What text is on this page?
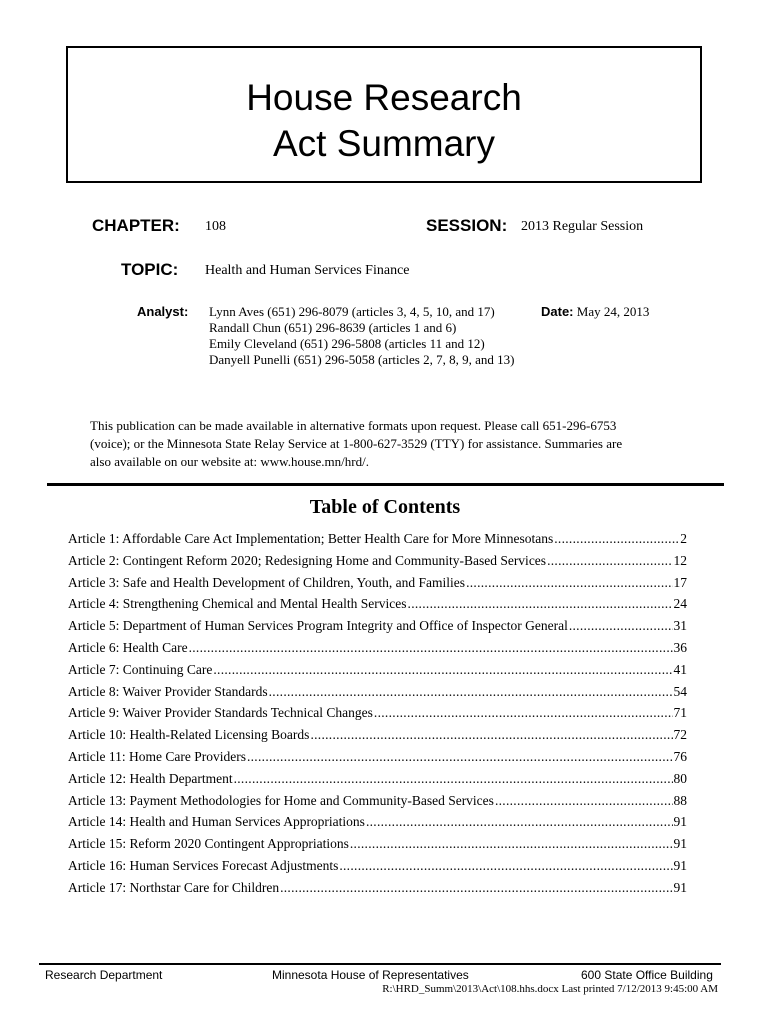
House Research
Act Summary
CHAPTER: 108	SESSION: 2013 Regular Session
TOPIC: Health and Human Services Finance
Analyst: Lynn Aves (651) 296-8079 (articles 3, 4, 5, 10, and 17)
Randall Chun (651) 296-8639 (articles 1 and 6)
Emily Cleveland (651) 296-5808 (articles 11 and 12)
Danyell Punelli (651) 296-5058 (articles 2, 7, 8, 9, and 13)
Date: May 24, 2013
This publication can be made available in alternative formats upon request. Please call 651-296-6753
(voice); or the Minnesota State Relay Service at 1-800-627-3529 (TTY) for assistance. Summaries are
also available on our website at: www.house.mn/hrd/.
Table of Contents
Article 1: Affordable Care Act Implementation; Better Health Care for More Minnesotans .....	2
Article 2: Contingent Reform 2020; Redesigning Home and Community-Based Services .....	12
Article 3: Safe and Health Development of Children, Youth, and Families .....	17
Article 4: Strengthening Chemical and Mental Health Services .....	24
Article 5: Department of Human Services Program Integrity and Office of Inspector General .....	31
Article 6: Health Care .....	36
Article 7: Continuing Care .....	41
Article 8: Waiver Provider Standards .....	54
Article 9: Waiver Provider Standards Technical Changes .....	71
Article 10: Health-Related Licensing Boards .....	72
Article 11: Home Care Providers .....	76
Article 12: Health Department .....	80
Article 13: Payment Methodologies for Home and Community-Based Services .....	88
Article 14: Health and Human Services Appropriations .....	91
Article 15: Reform 2020 Contingent Appropriations .....	91
Article 16: Human Services Forecast Adjustments .....	91
Article 17: Northstar Care for Children .....	91
Research Department	Minnesota House of Representatives	600 State Office Building
R:\HRD_Summ\2013\Act\108.hhs.docx Last printed 7/12/2013 9:45:00 AM
